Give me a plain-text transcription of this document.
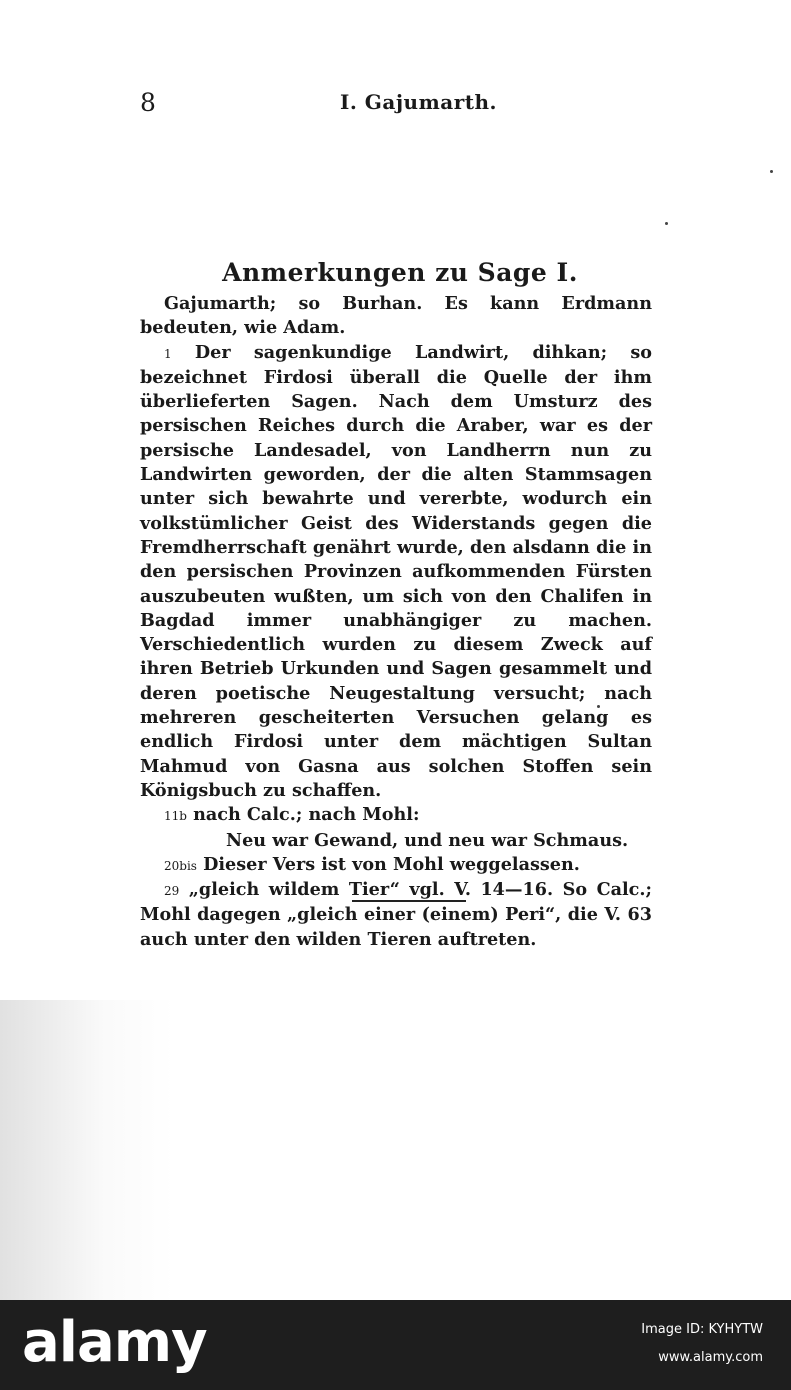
8	I. Gajumarth.
Anmerkungen zu Sage I.

Gajumarth; so Burhan. Es kann Erdmann bedeuten, wie Adam.

1 Der sagenkundige Landwirt, dihkan; so bezeichnet Firdosi überall die Quelle der ihm überlieferten Sagen. Nach dem Umsturz des persischen Reiches durch die Araber, war es der persische Landesadel, von Landherrn nun zu Landwirten geworden, der die alten Stammsagen unter sich bewahrte und vererbte, wodurch ein volkstümlicher Geist des Widerstands gegen die Fremdherrschaft genährt wurde, den alsdann die in den persischen Provinzen aufkommenden Fürsten auszubeuten wußten, um sich von den Chalifen in Bagdad immer unabhängiger zu machen. Verschiedentlich wurden zu diesem Zweck auf ihren Betrieb Urkunden und Sagen gesammelt und deren poetische Neugestaltung versucht; nach mehreren gescheiterten Versuchen gelang es endlich Firdosi unter dem mächtigen Sultan Mahmud von Gasna aus solchen Stoffen sein Königsbuch zu schaffen.

11b nach Calc.; nach Mohl:

Neu war Gewand, und neu war Schmaus.

20bis Dieser Vers ist von Mohl weggelassen.

29 „gleich wildem Tier“ vgl. V. 14—16. So Calc.; Mohl dagegen „gleich einer (einem) Peri“, die V. 63 auch unter den wilden Tieren auftreten.

alamy	Image ID: KYHYTW
www.alamy.com
